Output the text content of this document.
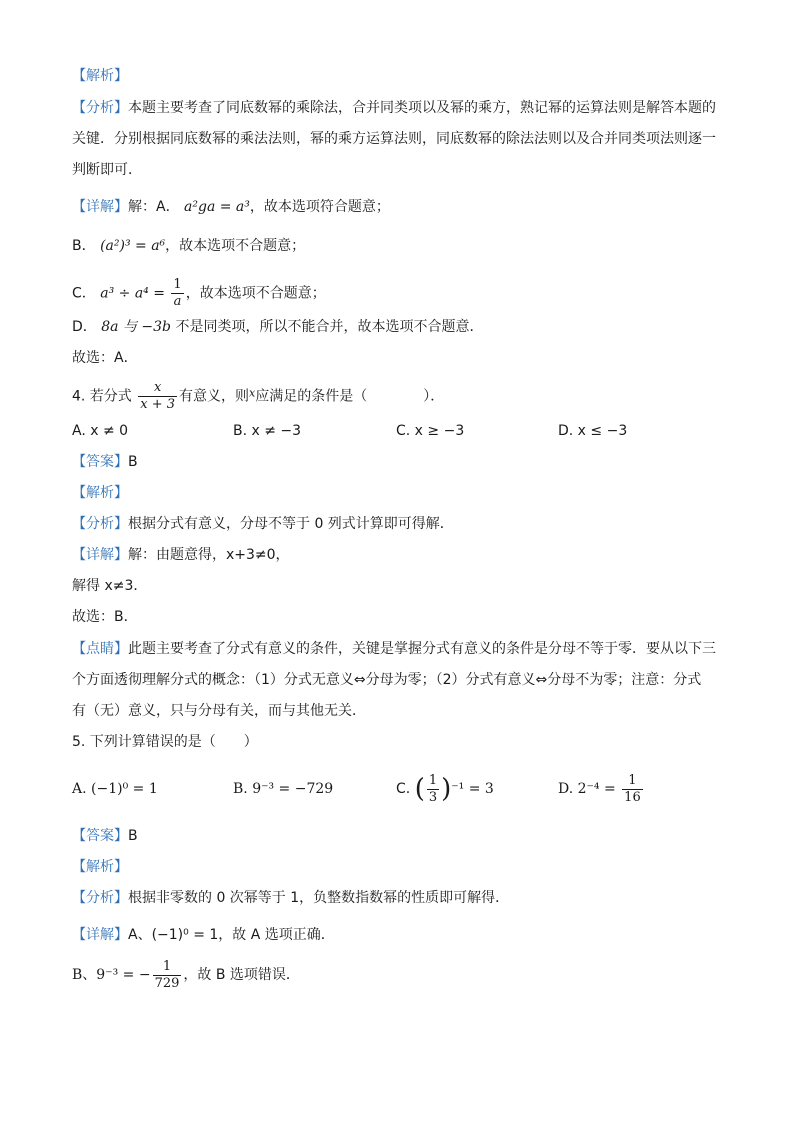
【解析】
【分析】本题主要考查了同底数幂的乘除法，合并同类项以及幂的乘方，熟记幂的运算法则是解答本题的
关键．分别根据同底数幂的乘法法则，幂的乘方运算法则，同底数幂的除法法则以及合并同类项法则逐一
判断即可．
【详解】解：A． a²ga = a³，故本选项符合题意；
B． (a²)³ = a⁶，故本选项不合题意；
C． $a^3 \div a^4 = \frac{1}{a}$ ，故本选项不合题意；
D． 8a 与 −3b 不是同类项，所以不能合并，故本选项不合题意．
故选：A．
4. 若分式 $\frac{x}{x + 3}$ 有意义，则$^x$应满足的条件是（　　　　）．
A. x ≠ 0	B. x ≠ −3	C. x ≥ −3	D. x ≤ −3
【答案】B
【解析】
【分析】根据分式有意义，分母不等于 0 列式计算即可得解．
【详解】解：由题意得，x+3≠0，
解得 x≠3．
故选：B．
【点睛】此题主要考查了分式有意义的条件，关键是掌握分式有意义的条件是分母不等于零．要从以下三
个方面透彻理解分式的概念：（1）分式无意义⇔分母为零；（2）分式有意义⇔分母不为零；注意：分式
有（无）意义，只与分母有关，而与其他无关．
5. 下列计算错误的是（　　）
A. (−1)⁰ = 1	B. 9⁻³ = −729	C. ( $\frac{1}{3} )^{-1} = 3$	D. $2^{-4} = \frac{1}{16}$
【答案】B
【解析】
【分析】根据非零数的 0 次幂等于 1，负整数指数幂的性质即可解得．
【详解】A、(−1)⁰ = 1，故 A 选项正确．
B、9⁻³ = − $\frac{1}{729}$ ，故 B 选项错误．
